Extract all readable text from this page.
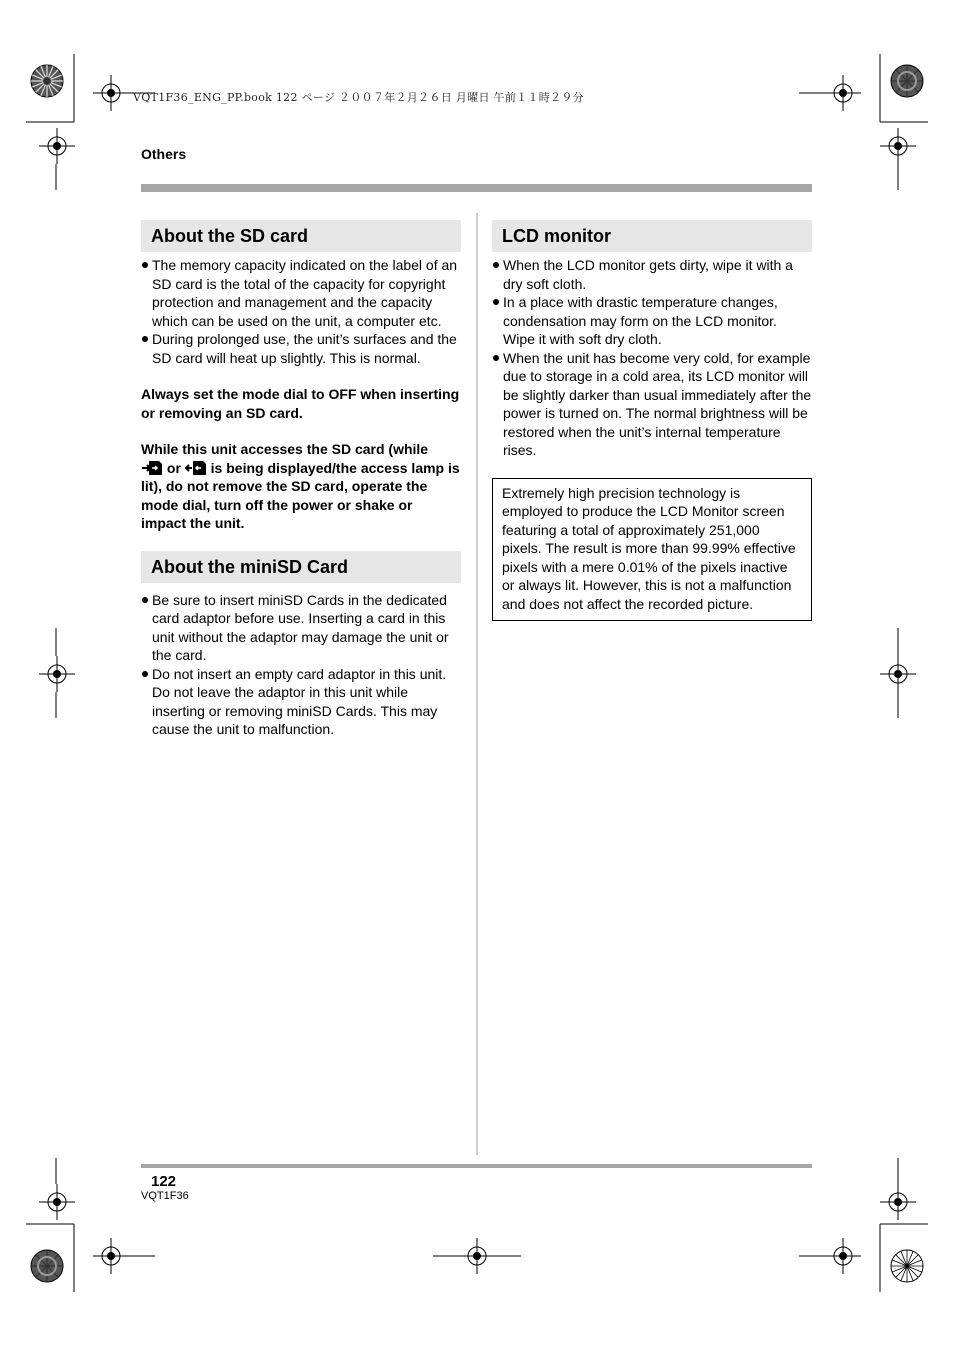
VQT1F36_ENG_PP.book 122 ページ ２００７年２月２６日 月曜日 午前１１時２９分
Others
About the SD card
The memory capacity indicated on the label of an SD card is the total of the capacity for copyright protection and management and the capacity which can be used on the unit, a computer etc.
During prolonged use, the unit’s surfaces and the SD card will heat up slightly. This is normal.

Always set the mode dial to OFF when inserting or removing an SD card.

While this unit accesses the SD card (while
or is being displayed/the access lamp is lit), do not remove the SD card, operate the mode dial, turn off the power or shake or impact the unit.

About the miniSD Card
Be sure to insert miniSD Cards in the dedicated card adaptor before use. Inserting a card in this unit without the adaptor may damage the unit or the card.
Do not insert an empty card adaptor in this unit. Do not leave the adaptor in this unit while inserting or removing miniSD Cards. This may cause the unit to malfunction.
LCD monitor
When the LCD monitor gets dirty, wipe it with a dry soft cloth.
In a place with drastic temperature changes, condensation may form on the LCD monitor. Wipe it with soft dry cloth.
When the unit has become very cold, for example due to storage in a cold area, its LCD monitor will be slightly darker than usual immediately after the power is turned on. The normal brightness will be restored when the unit’s internal temperature rises.
Extremely high precision technology is employed to produce the LCD Monitor screen featuring a total of approximately 251,000 pixels. The result is more than 99.99% effective pixels with a mere 0.01% of the pixels inactive or always lit. However, this is not a malfunction and does not affect the recorded picture.
122
VQT1F36
